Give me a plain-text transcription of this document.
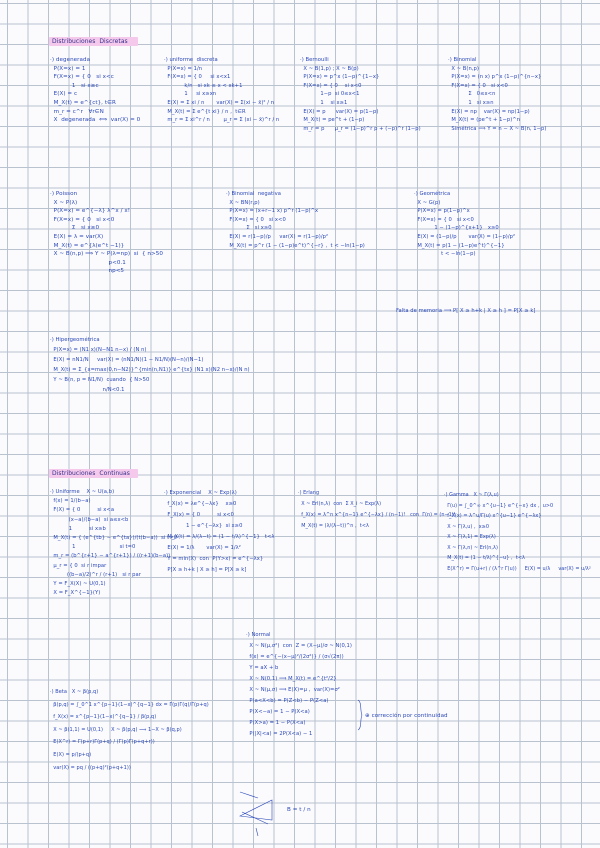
Distribuciones  Discretas
·) degenerada
P(X=x) = 1
F(X=x) = { 0   si x<c
1   si x≥c
E(X) = c
M_X(t) = e^{ct}, t∈R
m_r = c^r   ∀r∈N
X  degenerada  ⟺  var(X) = 0
·) uniforme  discreta
P(X=x) = 1/n
F(X=x) = { 0     si x<x1
k/n   si xk ≤ x < xk+1
1     si x≥xn
E(X) = Σ xi / n       var(X) = Σ(xi − x̄)² / n
M_X(t) = Σ e^{t xi} / n ,  t∈R
m_r = Σ xi^r / n        μ_r = Σ (xi − x̄)^r / n
·) Bernoulli
X ~ B(1,p) ; X ~ B(p)
P(X=x) = p^x (1−p)^{1−x}
F(X=x) = { 0    si x<0
1−p  si 0≤x<1
1    si x≥1
E(X) = p      var(X) = p(1−p)
M_X(t) = pe^t + (1−p)
m_r = p      μ_r = (1−p)^r p + (−p)^r (1−p)
·) Binomial
X ~ B(n,p)
P(X=x) = (n x) p^x (1−p)^{n−x}
F(X=x) = { 0   si x<0
Σ   0≤x<n
1   si x≥n
E(X) = np    var(X) = np(1−p)
M_X(t) = (pe^t + 1−p)^n
Simétrica ⟹ Y = n − X ~ B(n, 1−p)
·) Poisson
X ~ P(λ)
P(X=x) = e^{−λ} λ^x / x!
F(X=x) = { 0   si x<0
Σ   si x≥0
E(X) = λ = var(X)
M_X(t) = e^{λ(e^t −1)}
X ~ B(n,p) ⟹ Y ~ P(λ=np)  si  { n>50
p<0.1
np<5
·) Binomial  negativa
X ~ BN(r,p)
P(X=x) = (x+r−1 x) p^r (1−p)^x
F(X=x) = { 0   si x<0
Σ   si x≥0
E(X) = r(1−p)/p     var(X) = r(1−p)/p²
M_X(t) = p^r (1 − (1−p)e^t)^{−r} ,  t < −ln(1−p)
·) Geométrica
X ~ G(p)
P(X=x) = p(1−p)^x
F(X=x) = { 0   si x<0
1 − (1−p)^{x+1}   x≥0
E(X) = (1−p)/p       var(X) = (1−p)/p²
M_X(t) = p(1 − (1−p)e^t)^{−1}
t < −ln(1−p)
Falta de memoria ⟹ P[ X ≥ h+k | X ≥ h ] = P[X ≥ k]
·) Hipergeométrica
P(X=x) = (N1 x)(N−N1 n−x) / (N n)
E(X) = nN1/N     var(X) = (nN1/N)(1 − N1/N)(N−n)/(N−1)
M_X(t) = Σ_{x=max(0,n−N2)}^{min(n,N1)} e^{tx} (N1 x)(N2 n−x)/(N n)
Y ~ B(n, p = N1/N)  cuando  { N>50
n/N<0.1
Distribuciones  Continuas
·) Uniforme    X ~ U(a,b)
f(x) = 1/(b−a)
F(X) = { 0          si x<a
(x−a)/(b−a)  si a≤x<b
1          si x≥b
M_X(t) = { (e^{tb} − e^{ta})/(t(b−a))  si t≠0
1                          si t=0
m_r = (b^{r+1} − a^{r+1}) / ((r+1)(b−a))
μ_r = { 0  si r impar
((b−a)/2)^r / (r+1)   si r par
Y = F_X(X) ~ U(0,1)
X = F_X^{−1}(Y)
·) Exponencial    X ~ Exp(λ)
f_X(x) = λe^{−λx}    x≥0
F_X(x) = { 0          si x<0
1 − e^{−λx}  si x≥0
M_X(t) = λ/(λ−t) = (1 − t/λ)^{−1}   t<λ
E(X) = 1/λ       var(X) = 1/λ²
Y = min(X)  con  P(Y>x) = e^{−λx}
P[X ≥ h+k | X ≥ h] = P[X ≥ k]
·) Erlang
X ~ Erl(n,λ)  con  Σ X_i ~ Exp(λ)
f_X(x) = λ^n x^{n−1} e^{−λx} / (n−1)!   con  Γ(n) = (n−1)!
M_X(t) = (λ/(λ−t))^n ,  t<λ
·) Gamma   X ~ Γ(λ,u)
Γ(u) = ∫_0^∞ x^{u−1} e^{−x} dx ,  u>0
f_X(x) = λ^u/Γ(u) x^{u−1} e^{−λx}
X ~ Γ(λ,u) ,  x≥0
X ~ Γ(λ,1) = Exp(λ)
X ~ Γ(λ,n) ~ Erl(n,λ)
M_X(t) = (1 − t/λ)^{−u} ,  t<λ
E(X^r) = Γ(u+r) / (λ^r Γ(u))     E(X) = u/λ     var(X) = u/λ²
·) Normal
X ~ N(μ,σ²)  con  Z = (X−μ)/σ ~ N(0,1)
f(x) = e^{−(x−μ)²/(2σ²)} / (σ√(2π))
Y = aX + b
X ~ N(0,1) ⟹ M_X(t) = e^{t²/2}
X ~ N(μ,σ) ⟹ E(X)=μ ,  var(X)=σ²
P(a<X<b) = P(Z<b) − P(Z<a)
P(X<−a) = 1 − P(X<a)
P(X>a) = 1 − P(X<a)
P(|X|<a) = 2P(X<a) − 1
·) Beta   X ~ β(p,q)
β(p,q) = ∫_0^1 x^{p−1}(1−x)^{q−1} dx = Γ(p)Γ(q)/Γ(p+q)
f_X(x) = x^{p−1}(1−x)^{q−1} / β(p,q)
X ~ β(1,1) = U(0,1)     X ~ β(p,q) ⟹ 1−X ~ β(q,p)
E(X^r) = Γ(p+r)Γ(p+q) / (Γ(p)Γ(p+q+r))
E(X) = p/(p+q)
var(X) = pq / ((p+q)²(p+q+1))
⊕ corrección por continuidad
B = t / n
